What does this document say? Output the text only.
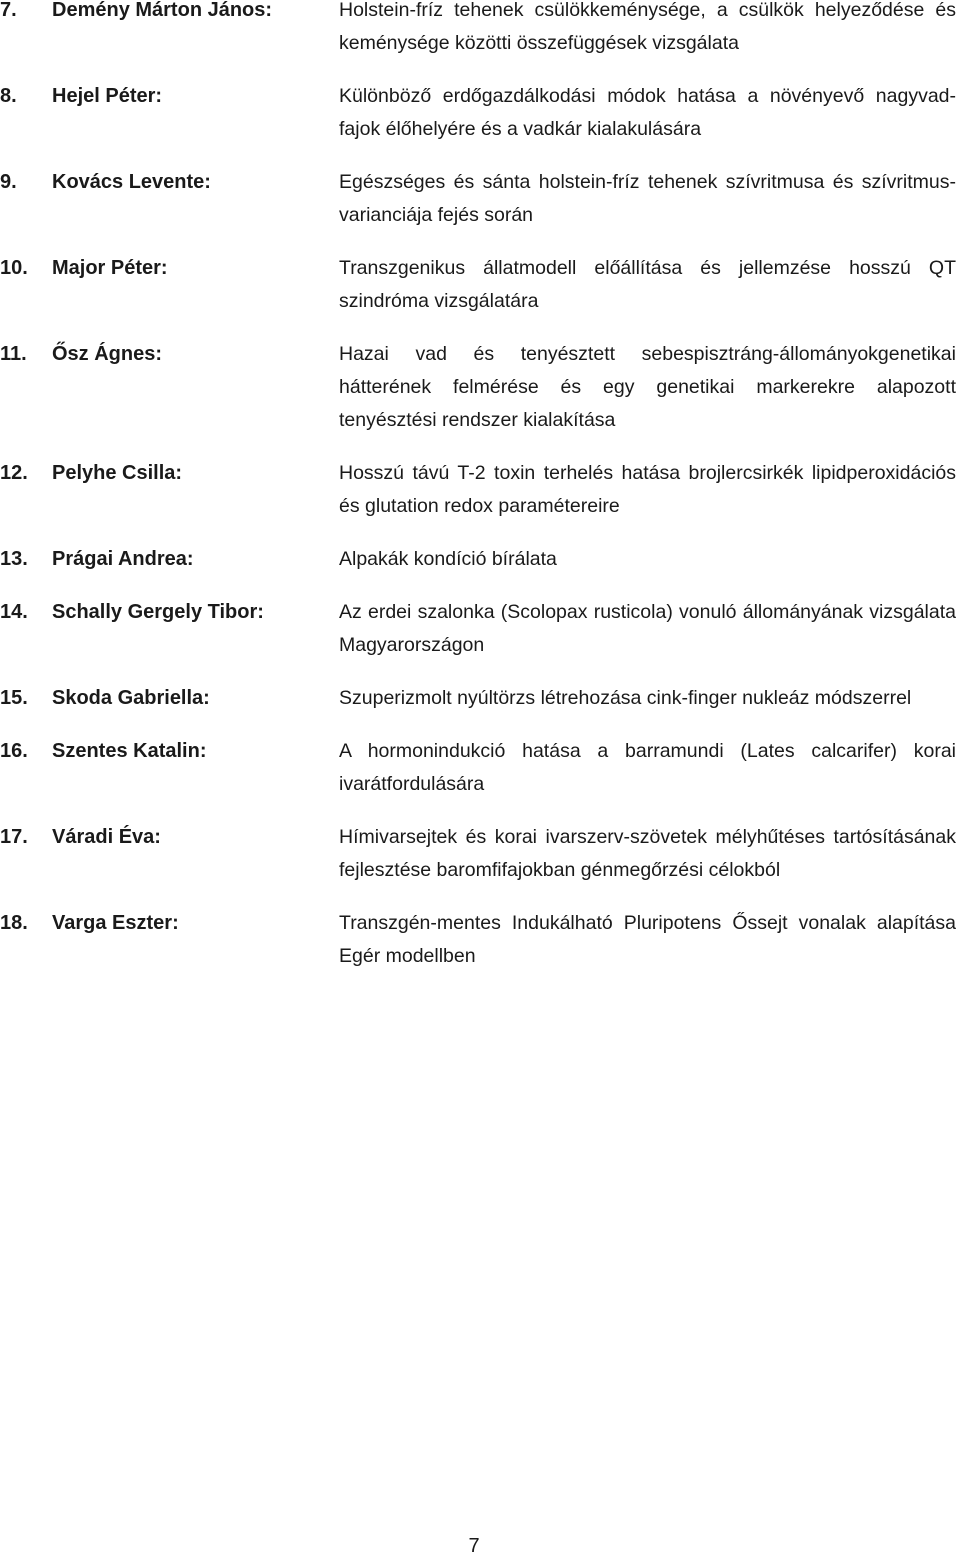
7.	Demény Márton János:	Holstein-fríz tehenek csülökkeménysége, a csülkök helyeződése és keménysége közötti összefüggések vizsgálata
8.	Hejel Péter:	Különböző erdőgazdálkodási módok hatása a növényevő nagyvad-fajok élőhelyére és a vadkár kialakulására
9.	Kovács Levente:	Egészséges és sánta holstein-fríz tehenek szívritmusa és szívritmus-varianciája fejés során
10.	Major Péter:	Transzgenikus állatmodell előállítása és jellemzése hosszú QT szindróma vizsgálatára
11.	Ősz Ágnes:	Hazai vad és tenyésztett sebespisztráng-állományokgenetikai hátterének felmérése és egy genetikai markerekre alapozott tenyésztési rendszer kialakítása
12.	Pelyhe Csilla:	Hosszú távú T-2 toxin terhelés hatása brojlercsirkék lipidperoxidációs és glutation redox paramétereire
13.	Prágai Andrea:	Alpakák kondíció bírálata
14.	Schally Gergely Tibor:	Az erdei szalonka (Scolopax rusticola) vonuló állományának vizsgálata Magyarországon
15.	Skoda Gabriella:	Szuperizmolt nyúltörzs létrehozása cink-finger nukleáz módszerrel
16.	Szentes Katalin:	A hormonindukció hatása a barramundi (Lates calcarifer) korai ivarátfordulására
17.	Váradi Éva:	Hímivarsejtek és korai ivarszerv-szövetek mélyhűtéses tartósításának fejlesztése baromfifajokban génmegőrzési célokból
18.	Varga Eszter:	Transzgén-mentes Indukálható Pluripotens Őssejt vonalak alapítása Egér modellben
7
